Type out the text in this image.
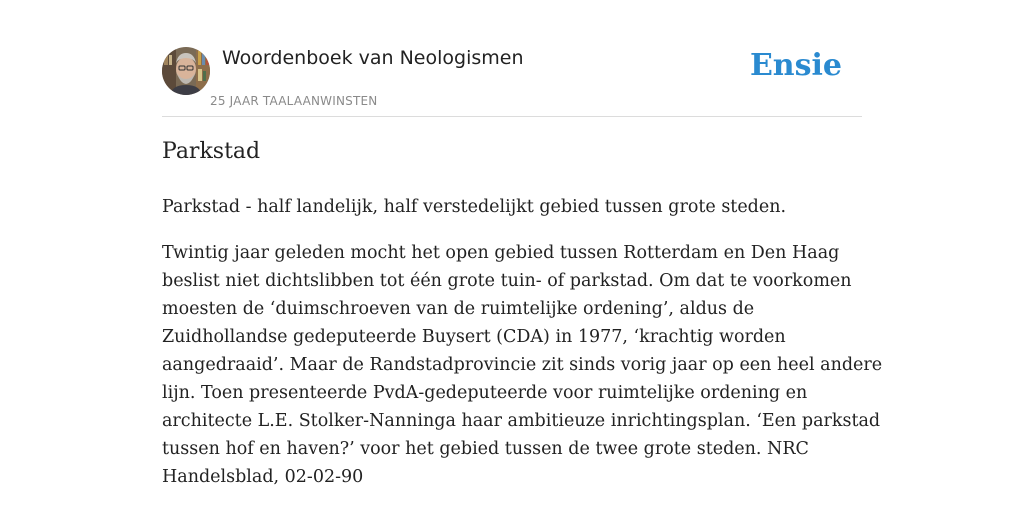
Woordenboek van Neologismen
25 JAAR TAALAANWINSTEN
Ensie
Parkstad

Parkstad - half landelijk, half verstedelijkt gebied tussen grote steden.

Twintig jaar geleden mocht het open gebied tussen Rotterdam en Den Haag
beslist niet dichtslibben tot één grote tuin- of parkstad. Om dat te voorkomen
moesten de ‘duimschroeven van de ruimtelijke ordening’, aldus de
Zuidhollandse gedeputeerde Buysert (CDA) in 1977, ‘krachtig worden
aangedraaid’. Maar de Randstadprovincie zit sinds vorig jaar op een heel andere
lijn. Toen presenteerde PvdA-gedeputeerde voor ruimtelijke ordening en
architecte L.E. Stolker-Nanninga haar ambitieuze inrichtingsplan. ‘Een parkstad
tussen hof en haven?’ voor het gebied tussen de twee grote steden. NRC
Handelsblad, 02-02-90
